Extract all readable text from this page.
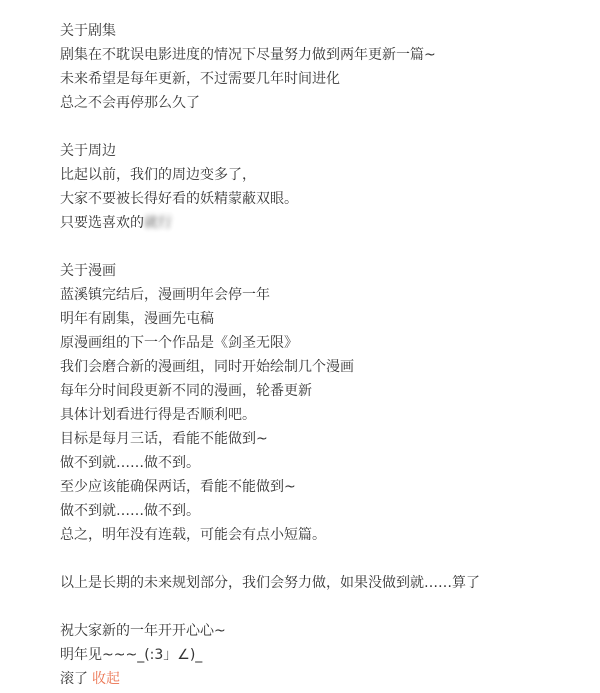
关于剧集
剧集在不耽误电影进度的情况下尽量努力做到两年更新一篇~
未来希望是每年更新，不过需要几年时间进化
总之不会再停那么久了
关于周边
比起以前，我们的周边变多了，
大家不要被长得好看的妖精蒙蔽双眼。
只要选喜欢的就行
关于漫画
蓝溪镇完结后，漫画明年会停一年
明年有剧集，漫画先屯稿
原漫画组的下一个作品是《剑圣无限》
我们会磨合新的漫画组，同时开始绘制几个漫画
每年分时间段更新不同的漫画，轮番更新
具体计划看进行得是否顺利吧。
目标是每月三话，看能不能做到~
做不到就……做不到。
至少应该能确保两话，看能不能做到~
做不到就……做不到。
总之，明年没有连载，可能会有点小短篇。
以上是长期的未来规划部分，我们会努力做，如果没做到就……算了
祝大家新的一年开开心心~
明年见~~~_(:3」∠)_
滚了 收起
